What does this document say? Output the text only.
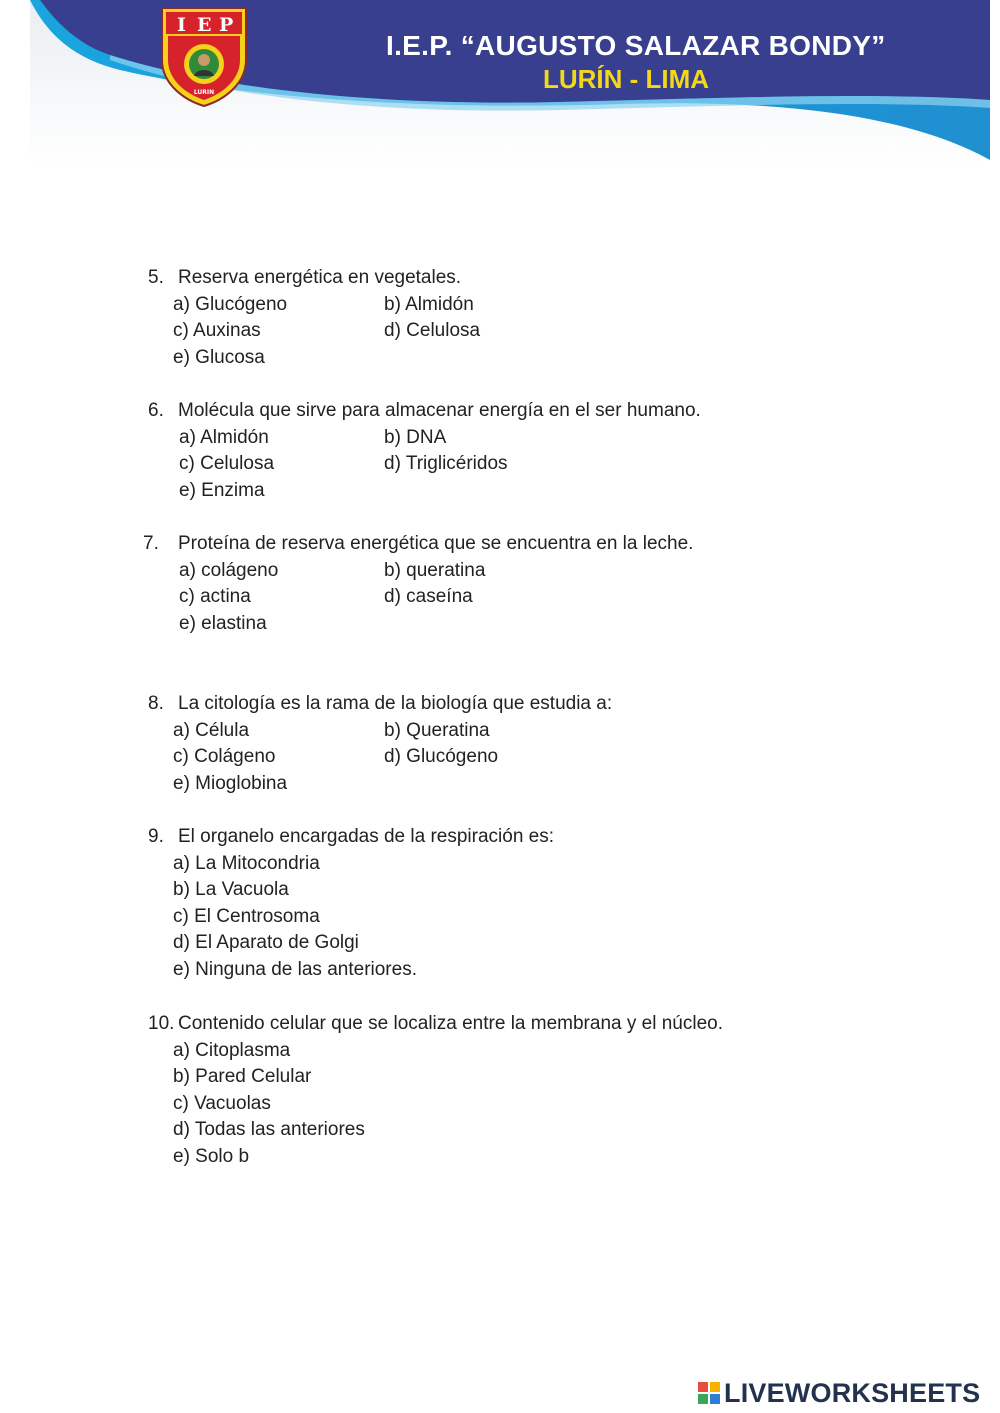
I E P
LURIN
I.E.P. “AUGUSTO SALAZAR BONDY”
LURÍN - LIMA
5. Reserva energética en vegetales.
a) Glucógeno	b) Almidón
c) Auxinas	d) Celulosa
e) Glucosa
6. Molécula que sirve para almacenar energía en el ser humano.
a) Almidón	b) DNA
c) Celulosa	d) Triglicéridos
e) Enzima
7.	Proteína de reserva energética que se encuentra en la leche.
a) colágeno	b) queratina
c) actina	d) caseína
e) elastina
8. La citología es la rama de la biología que estudia a:
a) Célula	b) Queratina
c) Colágeno	d) Glucógeno
e) Mioglobina
9. El organelo encargadas de la respiración es:
a) La Mitocondria
b) La Vacuola
c) El Centrosoma
d) El Aparato de Golgi
e) Ninguna de las anteriores.
10. Contenido celular que se localiza entre la membrana y el núcleo.
a) Citoplasma
b) Pared Celular
c) Vacuolas
d) Todas las anteriores
e) Solo b
LIVEWORKSHEETS
